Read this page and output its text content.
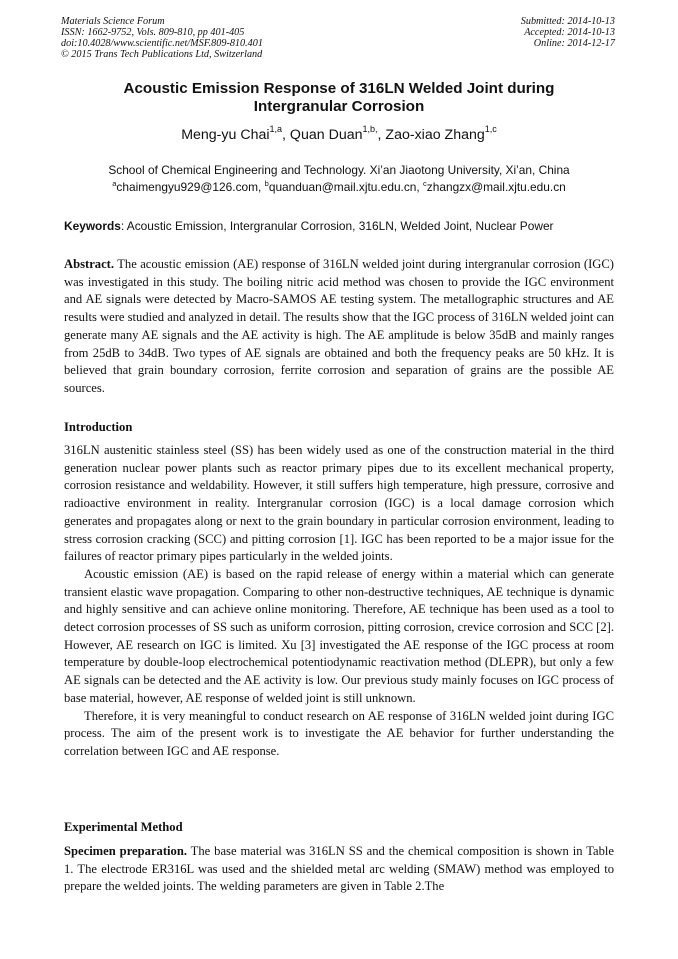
Materials Science Forum
ISSN: 1662-9752, Vols. 809-810, pp 401-405
doi:10.4028/www.scientific.net/MSF.809-810.401
© 2015 Trans Tech Publications Ltd, Switzerland
Submitted: 2014-10-13
Accepted: 2014-10-13
Online: 2014-12-17
Acoustic Emission Response of 316LN Welded Joint during
Intergranular Corrosion
Meng-yu Chai$^{1,a}$, Quan Duan$^{1,b,}$, Zao-xiao Zhang$^{1,c}$
School of Chemical Engineering and Technology. Xi’an Jiaotong University, Xi’an, China
$^a$chaimengyu929@126.com, $^b$quanduan@mail.xjtu.edu.cn, $^c$zhangzx@mail.xjtu.edu.cn
Keywords: Acoustic Emission, Intergranular Corrosion, 316LN, Welded Joint, Nuclear Power

Abstract. The acoustic emission (AE) response of 316LN welded joint during intergranular corrosion (IGC) was investigated in this study. The boiling nitric acid method was chosen to provide the IGC environment and AE signals were detected by Macro-SAMOS AE testing system. The metallographic structures and AE results were studied and analyzed in detail. The results show that the IGC process of 316LN welded joint can generate many AE signals and the AE activity is high. The AE amplitude is below 35dB and mainly ranges from 25dB to 34dB. Two types of AE signals are obtained and both the frequency peaks are 50 kHz. It is believed that grain boundary corrosion, ferrite corrosion and separation of grains are the possible AE sources.

Introduction

316LN austenitic stainless steel (SS) has been widely used as one of the construction material in the third generation nuclear power plants such as reactor primary pipes due to its excellent mechanical property, corrosion resistance and weldability. However, it still suffers high temperature, high pressure, corrosive and radioactive environment in reality. Intergranular corrosion (IGC) is a local damage corrosion which generates and propagates along or next to the grain boundary in particular corrosion environment, leading to stress corrosion cracking (SCC) and pitting corrosion [1]. IGC has been reported to be a major issue for the failures of reactor primary pipes particularly in the welded joints.

Acoustic emission (AE) is based on the rapid release of energy within a material which can generate transient elastic wave propagation. Comparing to other non-destructive techniques, AE technique is dynamic and highly sensitive and can achieve online monitoring. Therefore, AE technique has been used as a tool to detect corrosion processes of SS such as uniform corrosion, pitting corrosion, crevice corrosion and SCC [2]. However, AE research on IGC is limited. Xu [3] investigated the AE response of the IGC process at room temperature by double-loop electrochemical potentiodynamic reactivation method (DLEPR), but only a few AE signals can be detected and the AE activity is low. Our previous study mainly focuses on IGC process of base material, however, AE response of welded joint is still unknown.

Therefore, it is very meaningful to conduct research on AE response of 316LN welded joint during IGC process. The aim of the present work is to investigate the AE behavior for further understanding the correlation between IGC and AE response.

Experimental Method

Specimen preparation. The base material was 316LN SS and the chemical composition is shown in Table 1. The electrode ER316L was used and the shielded metal arc welding (SMAW) method was employed to prepare the welded joints. The welding parameters are given in Table 2.The
